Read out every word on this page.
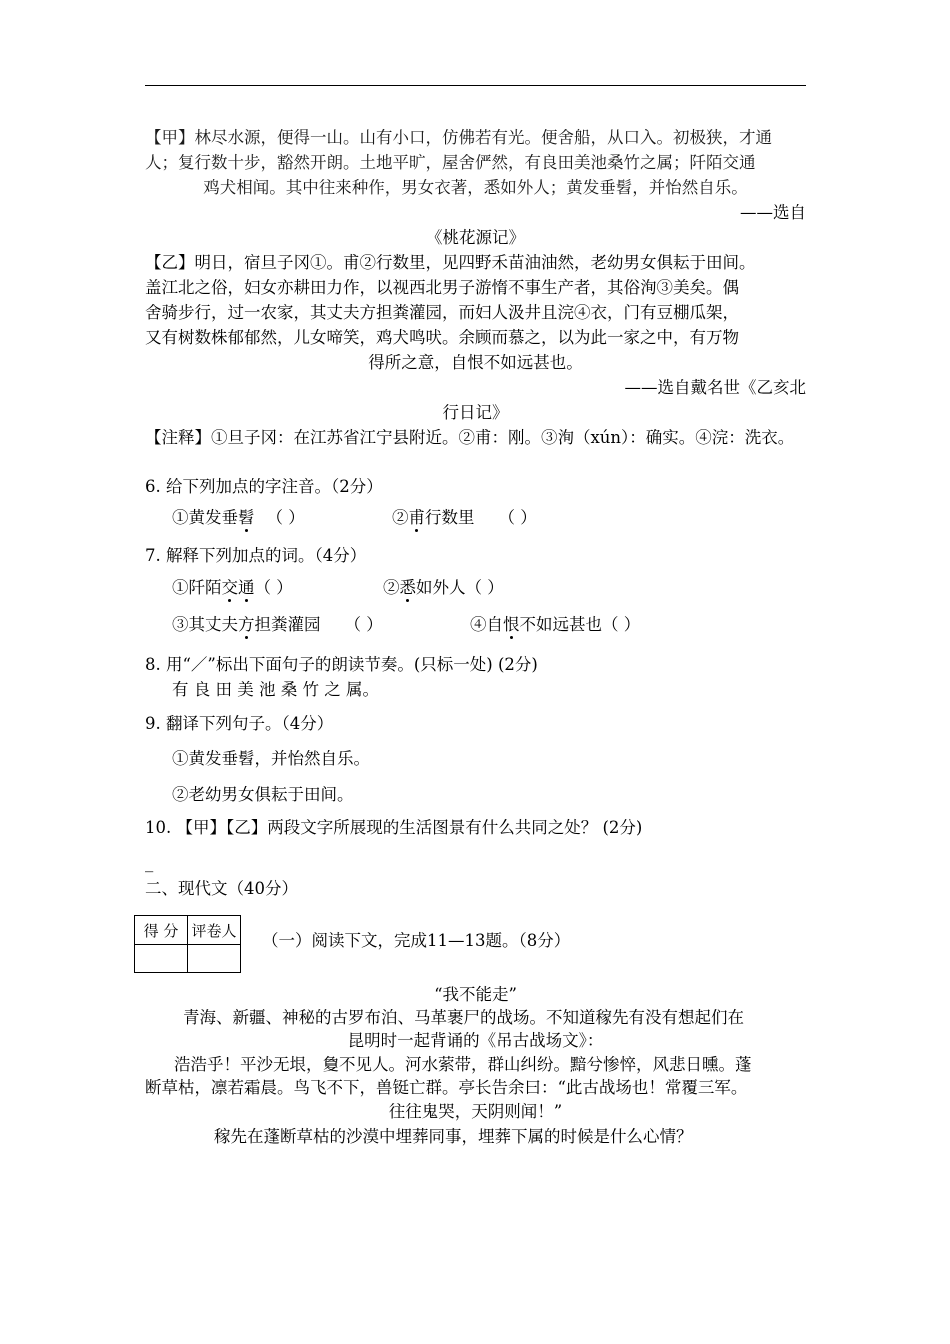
【甲】林尽水源，便得一山。山有小口，仿佛若有光。便舍船，从口入。初极狭，才通
人；复行数十步，豁然开朗。土地平旷，屋舍俨然，有良田美池桑竹之属；阡陌交通
鸡犬相闻。其中往来种作，男女衣著，悉如外人；黄发垂髫，并怡然自乐。
——选自
《桃花源记》
【乙】明日，宿旦子冈①。甫②行数里，见四野禾苗油油然，老幼男女俱耘于田间。
盖江北之俗，妇女亦耕田力作，以视西北男子游惰不事生产者，其俗洵③美矣。偶
舍骑步行，过一农家，其丈夫方担粪灌园，而妇人汲井且浣④衣，门有豆棚瓜架，
又有树数株郁郁然，儿女啼笑，鸡犬鸣吠。余顾而慕之，以为此一家之中，有万物
得所之意，自恨不如远甚也。
——选自戴名世《乙亥北
行日记》
【注释】①旦子冈：在江苏省江宁县附近。②甫：刚。③洵（xún）：确实。④浣：洗衣。
6. 给下列加点的字注音。（2分）
①黄发垂髫 （ ）	②甫行数里 （ ）
7. 解释下列加点的词。（4分）
①阡陌交通（ ）	②悉如外人（ ）
③其丈夫方担粪灌园 （ ）	④自恨不如远甚也（ ）
8. 用“／”标出下面句子的朗读节奏。(只标一处) (2分)
有 良 田 美 池 桑 竹 之 属。
9. 翻译下列句子。（4分）
①黄发垂髫，并怡然自乐。
②老幼男女俱耘于田间。
10. 【甲】【乙】两段文字所展现的生活图景有什么共同之处？ (2分)
_
二、现代文（40分）
得 分	评卷人

（一）阅读下文，完成11—13题。（8分）
“我不能走”
青海、新疆、神秘的古罗布泊、马革裹尸的战场。不知道稼先有没有想起们在
昆明时一起背诵的《吊古战场文》：
浩浩乎！平沙无垠，敻不见人。河水萦带，群山纠纷。黯兮惨悴，风悲日曛。蓬
断草枯，凛若霜晨。鸟飞不下，兽铤亡群。亭长告余曰：“此古战场也！常覆三军。
往往鬼哭，天阴则闻！”
稼先在蓬断草枯的沙漠中埋葬同事，埋葬下属的时候是什么心情？
